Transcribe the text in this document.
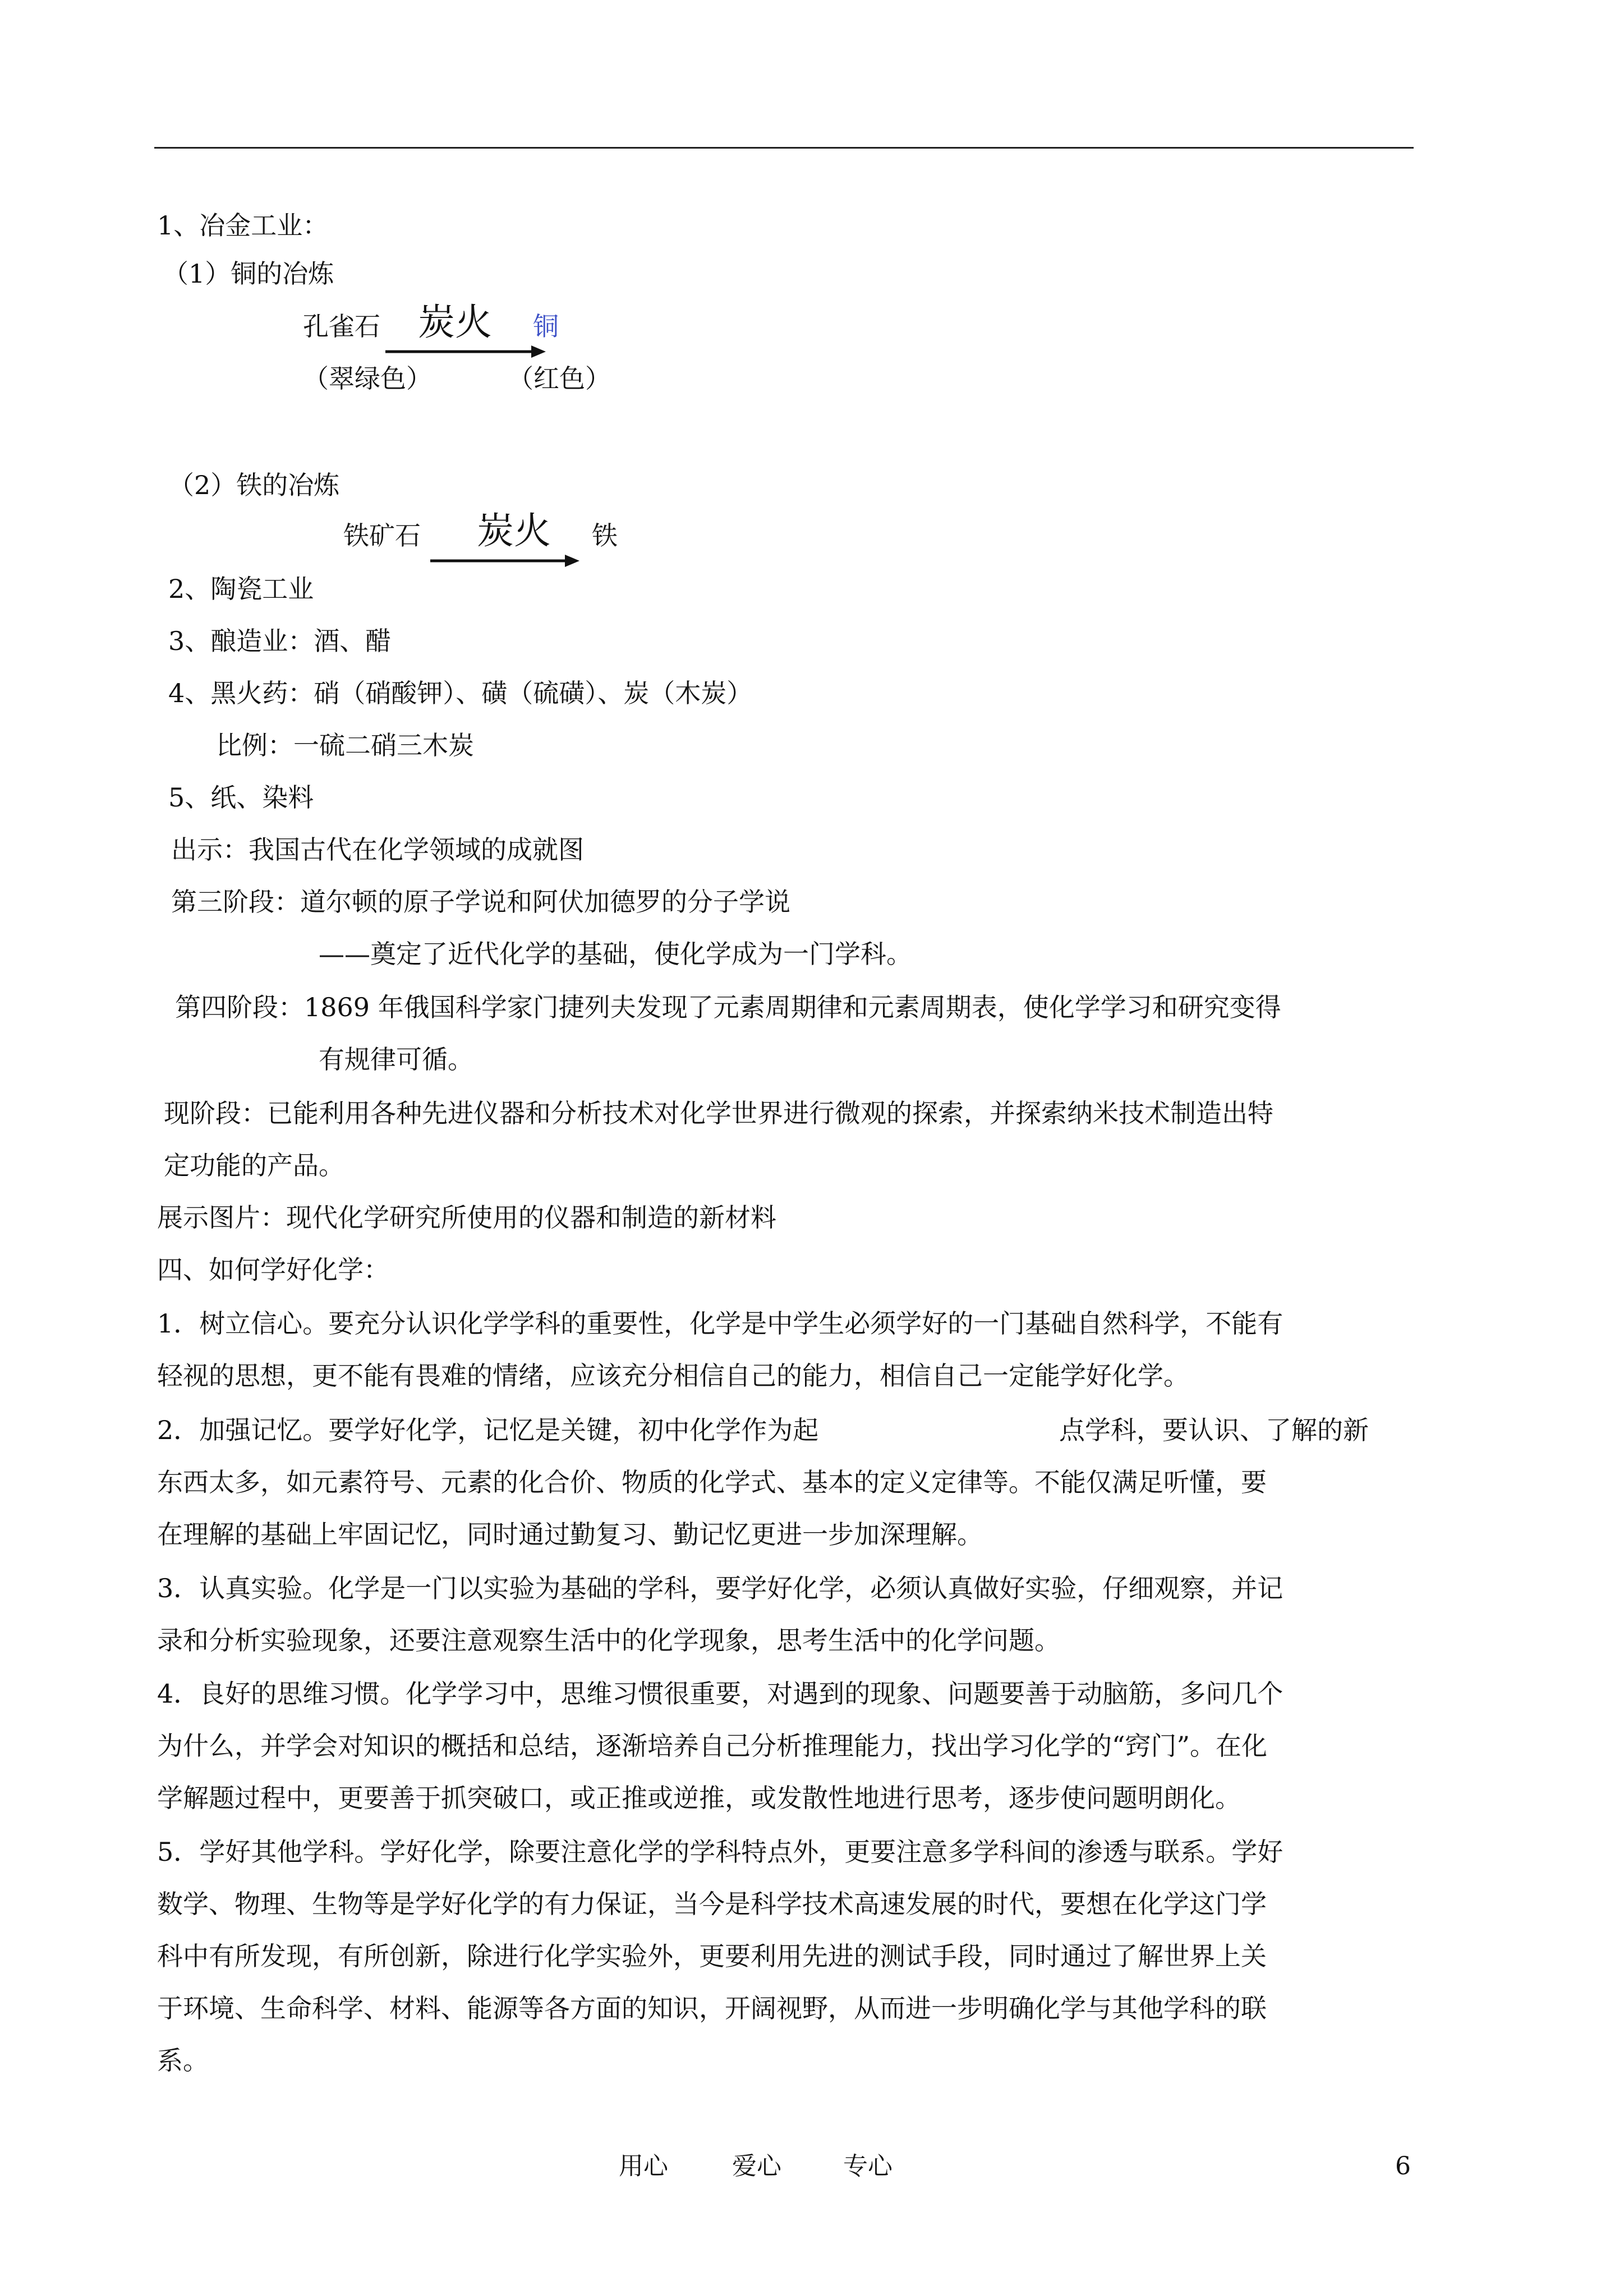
1、冶金工业：
（1）铜的冶炼
孔雀石 炭火 铜
（翠绿色）	（红色）
（2）铁的冶炼
铁矿石 炭火 铁
2、陶瓷工业
3、酿造业：酒、醋
4、黑火药：硝（硝酸钾）、磺（硫磺）、炭（木炭）
比例：一硫二硝三木炭
5、纸、染料
出示：我国古代在化学领域的成就图
第三阶段：道尔顿的原子学说和阿伏加德罗的分子学说
——奠定了近代化学的基础，使化学成为一门学科。
第四阶段：1869 年俄国科学家门捷列夫发现了元素周期律和元素周期表，使化学学习和研究变得
有规律可循。
现阶段：已能利用各种先进仪器和分析技术对化学世界进行微观的探索，并探索纳米技术制造出特
定功能的产品。
展示图片：现代化学研究所使用的仪器和制造的新材料
四、如何学好化学：
1．树立信心。要充分认识化学学科的重要性，化学是中学生必须学好的一门基础自然科学，不能有
轻视的思想，更不能有畏难的情绪，应该充分相信自己的能力，相信自己一定能学好化学。
2．加强记忆。要学好化学，记忆是关键，初中化学作为起	点学科，要认识、了解的新
东西太多，如元素符号、元素的化合价、物质的化学式、基本的定义定律等。不能仅满足听懂，要
在理解的基础上牢固记忆，同时通过勤复习、勤记忆更进一步加深理解。
3．认真实验。化学是一门以实验为基础的学科，要学好化学，必须认真做好实验，仔细观察，并记
录和分析实验现象，还要注意观察生活中的化学现象，思考生活中的化学问题。
4．良好的思维习惯。化学学习中，思维习惯很重要，对遇到的现象、问题要善于动脑筋，多问几个
为什么，并学会对知识的概括和总结，逐渐培养自己分析推理能力，找出学习化学的“窍门”。在化
学解题过程中，更要善于抓突破口，或正推或逆推，或发散性地进行思考，逐步使问题明朗化。
5．学好其他学科。学好化学，除要注意化学的学科特点外，更要注意多学科间的渗透与联系。学好
数学、物理、生物等是学好化学的有力保证，当今是科学技术高速发展的时代，要想在化学这门学
科中有所发现，有所创新，除进行化学实验外，更要利用先进的测试手段，同时通过了解世界上关
于环境、生命科学、材料、能源等各方面的知识，开阔视野，从而进一步明确化学与其他学科的联
系。
用心	爱心	专心	6
